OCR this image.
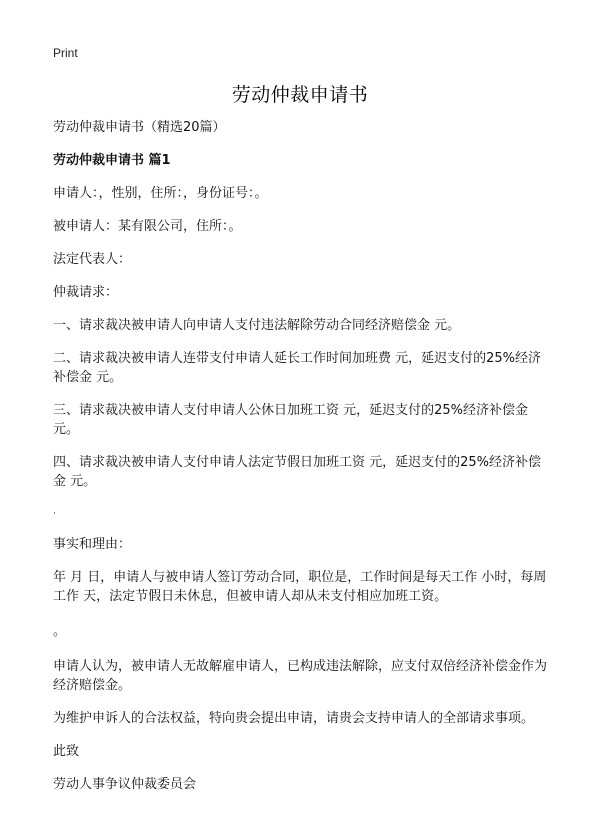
Print
劳动仲裁申请书

劳动仲裁申请书（精选20篇）

劳动仲裁申请书 篇1

申请人：，性别，住所：，身份证号：。

被申请人：某有限公司，住所：。

法定代表人：

仲裁请求：

一、请求裁决被申请人向申请人支付违法解除劳动合同经济赔偿金 元。

二、请求裁决被申请人连带支付申请人延长工作时间加班费 元，延迟支付的25%经济补偿金 元。

三、请求裁决被申请人支付申请人公休日加班工资 元，延迟支付的25%经济补偿金 元。

四、请求裁决被申请人支付申请人法定节假日加班工资 元，延迟支付的25%经济补偿金 元。

·

事实和理由：

年 月 日，申请人与被申请人签订劳动合同，职位是，工作时间是每天工作 小时，每周工作 天，法定节假日未休息，但被申请人却从未支付相应加班工资。

。

申请人认为，被申请人无故解雇申请人，已构成违法解除，应支付双倍经济补偿金作为经济赔偿金。

为维护申诉人的合法权益，特向贵会提出申请，请贵会支持申请人的全部请求事项。

此致

劳动人事争议仲裁委员会
